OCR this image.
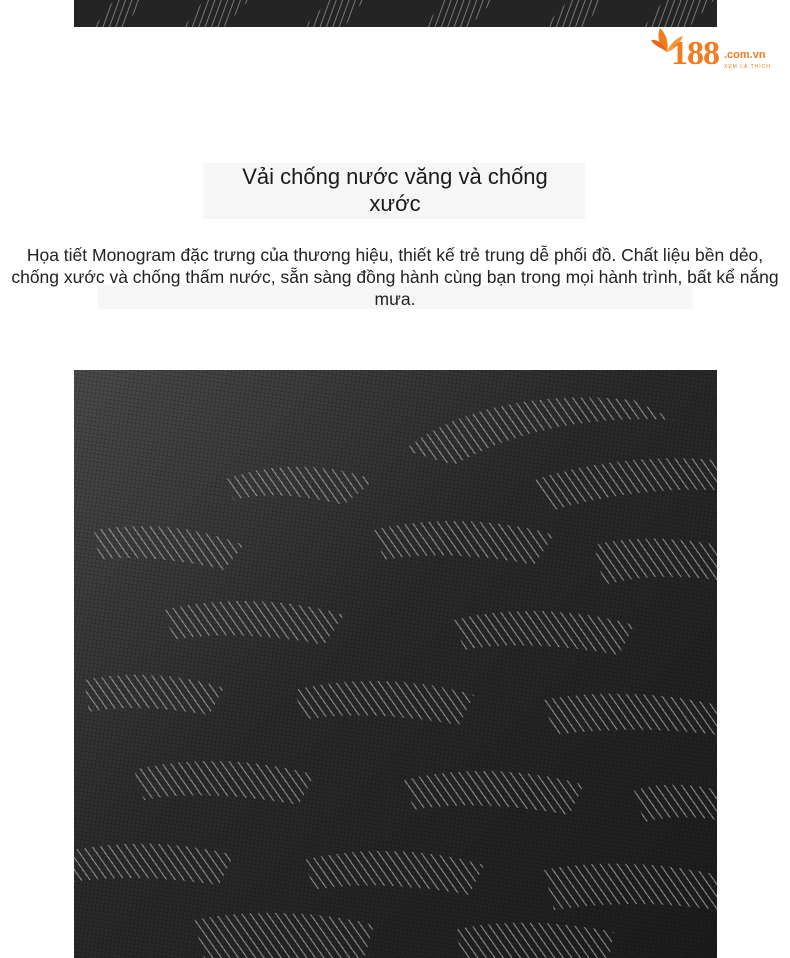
188 .com.vn
XEM LÀ THÍCH
Vải chống nước văng và chống xước
Họa tiết Monogram đặc trưng của thương hiệu, thiết kế trẻ trung dễ phối đồ. Chất liệu bền dẻo, chống xước và chống thấm nước, sẵn sàng đồng hành cùng bạn trong mọi hành trình, bất kể nắng mưa.
